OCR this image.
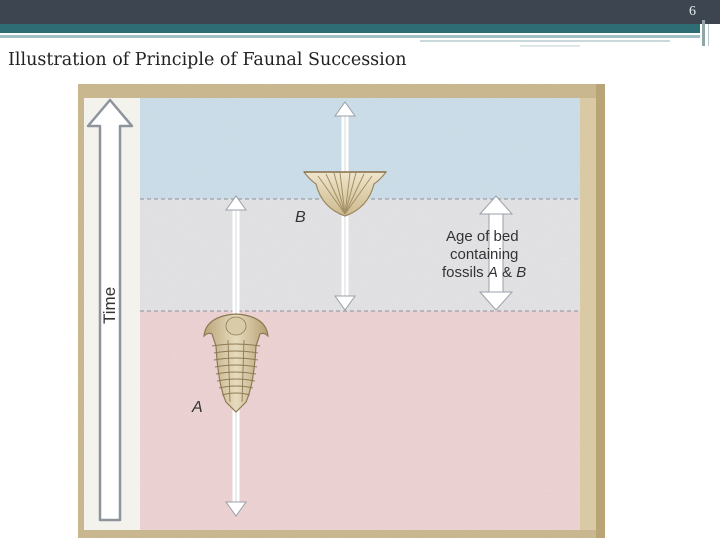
6
Illustration of Principle of Faunal Succession
Time
B
A
Age of bed
containing
fossils A & B
